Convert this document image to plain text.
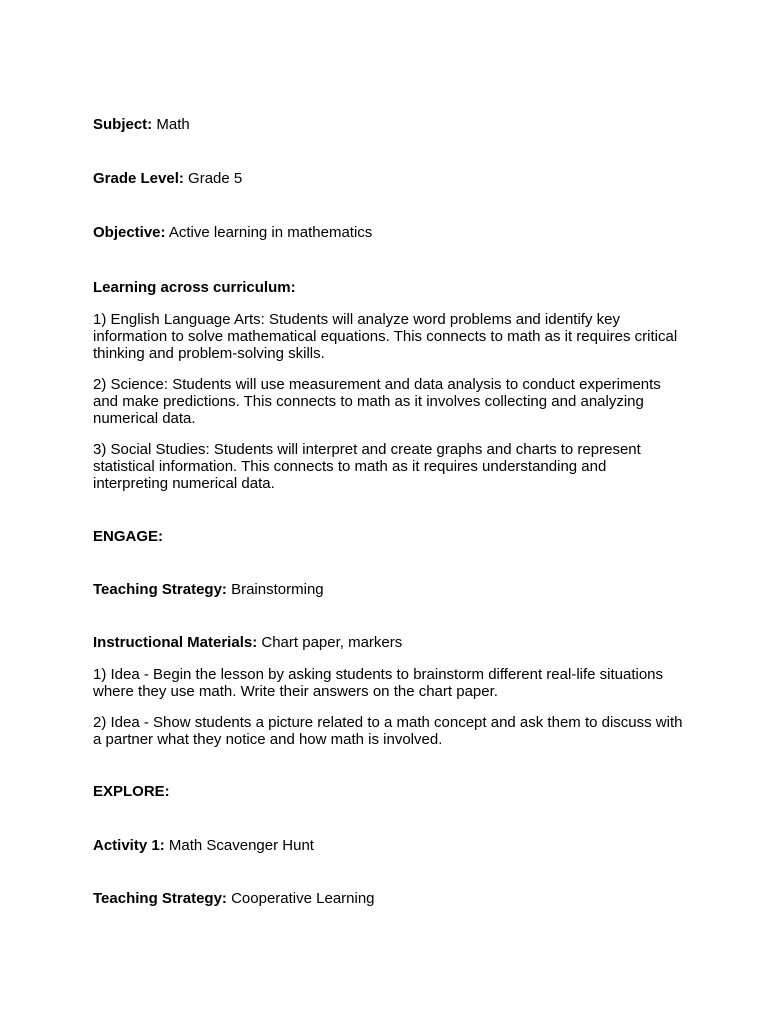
Subject: Math
Grade Level: Grade 5
Objective: Active learning in mathematics
Learning across curriculum:
1) English Language Arts: Students will analyze word problems and identify key information to solve mathematical equations. This connects to math as it requires critical thinking and problem-solving skills.
2) Science: Students will use measurement and data analysis to conduct experiments and make predictions. This connects to math as it involves collecting and analyzing numerical data.
3) Social Studies: Students will interpret and create graphs and charts to represent statistical information. This connects to math as it requires understanding and interpreting numerical data.
ENGAGE:
Teaching Strategy: Brainstorming
Instructional Materials: Chart paper, markers
1) Idea - Begin the lesson by asking students to brainstorm different real-life situations where they use math. Write their answers on the chart paper.
2) Idea - Show students a picture related to a math concept and ask them to discuss with a partner what they notice and how math is involved.
EXPLORE:
Activity 1: Math Scavenger Hunt
Teaching Strategy: Cooperative Learning
